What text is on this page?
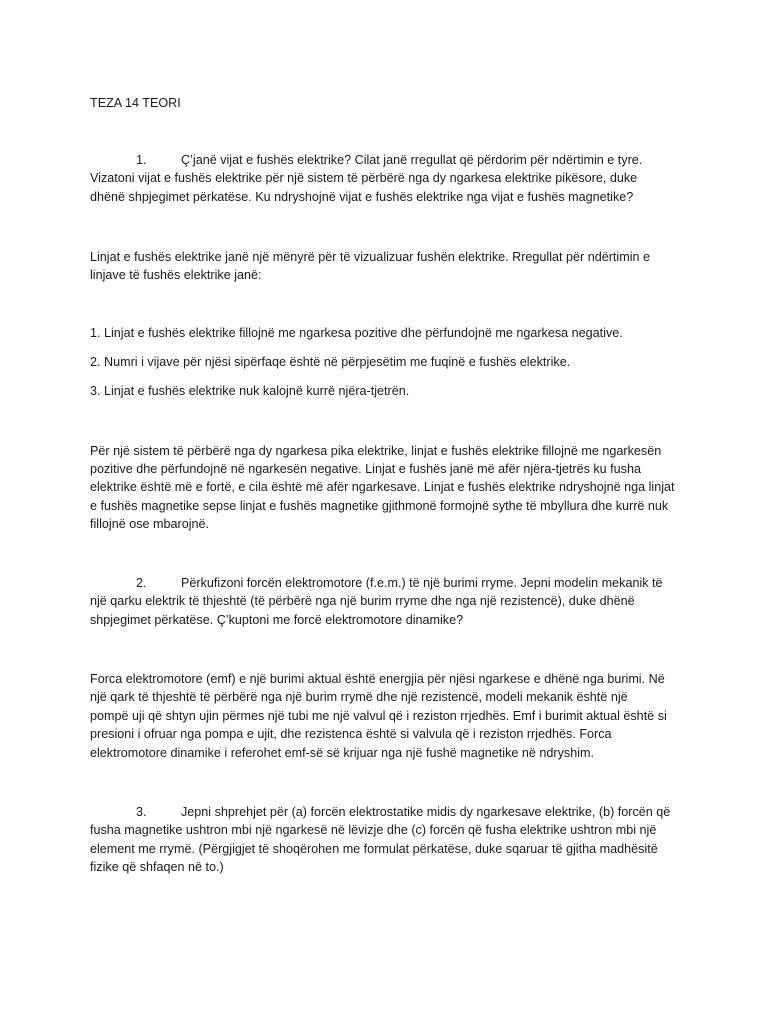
TEZA 14 TEORI
1.	Ç’janë vijat e fushës elektrike? Cilat janë rregullat që përdorim për ndërtimin e tyre.
Vizatoni vijat e fushës elektrike për një sistem të përbërë nga dy ngarkesa elektrike pikësore, duke
dhënë shpjegimet përkatëse. Ku ndryshojnë vijat e fushës elektrike nga vijat e fushës magnetike?
Linjat e fushës elektrike janë një mënyrë për të vizualizuar fushën elektrike. Rregullat për ndërtimin e
linjave të fushës elektrike janë:
1. Linjat e fushës elektrike fillojnë me ngarkesa pozitive dhe përfundojnë me ngarkesa negative.
2. Numri i vijave për njësi sipërfaqe është në përpjesëtim me fuqinë e fushës elektrike.
3. Linjat e fushës elektrike nuk kalojnë kurrë njëra-tjetrën.
Për një sistem të përbërë nga dy ngarkesa pika elektrike, linjat e fushës elektrike fillojnë me ngarkesën
pozitive dhe përfundojnë në ngarkesën negative. Linjat e fushës janë më afër njëra-tjetrës ku fusha
elektrike është më e fortë, e cila është më afër ngarkesave. Linjat e fushës elektrike ndryshojnë nga linjat
e fushës magnetike sepse linjat e fushës magnetike gjithmonë formojnë sythe të mbyllura dhe kurrë nuk
fillojnë ose mbarojnë.
2.	Përkufizoni forcën elektromotore (f.e.m.) të një burimi rryme. Jepni modelin mekanik të
një qarku elektrik të thjeshtë (të përbërë nga një burim rryme dhe nga një rezistencë), duke dhënë
shpjegimet përkatëse. Ç’kuptoni me forcë elektromotore dinamike?
Forca elektromotore (emf) e një burimi aktual është energjia për njësi ngarkese e dhënë nga burimi. Në
një qark të thjeshtë të përbërë nga një burim rrymë dhe një rezistencë, modeli mekanik është një
pompë uji që shtyn ujin përmes një tubi me një valvul që i reziston rrjedhës. Emf i burimit aktual është si
presioni i ofruar nga pompa e ujit, dhe rezistenca është si valvula që i reziston rrjedhës. Forca
elektromotore dinamike i referohet emf-së së krijuar nga një fushë magnetike në ndryshim.
3.	Jepni shprehjet për (a) forcën elektrostatike midis dy ngarkesave elektrike, (b) forcën që
fusha magnetike ushtron mbi një ngarkesë në lëvizje dhe (c) forcën që fusha elektrike ushtron mbi një
element me rrymë. (Përgjigjet të shoqërohen me formulat përkatëse, duke sqaruar të gjitha madhësitë
fizike që shfaqen në to.)
